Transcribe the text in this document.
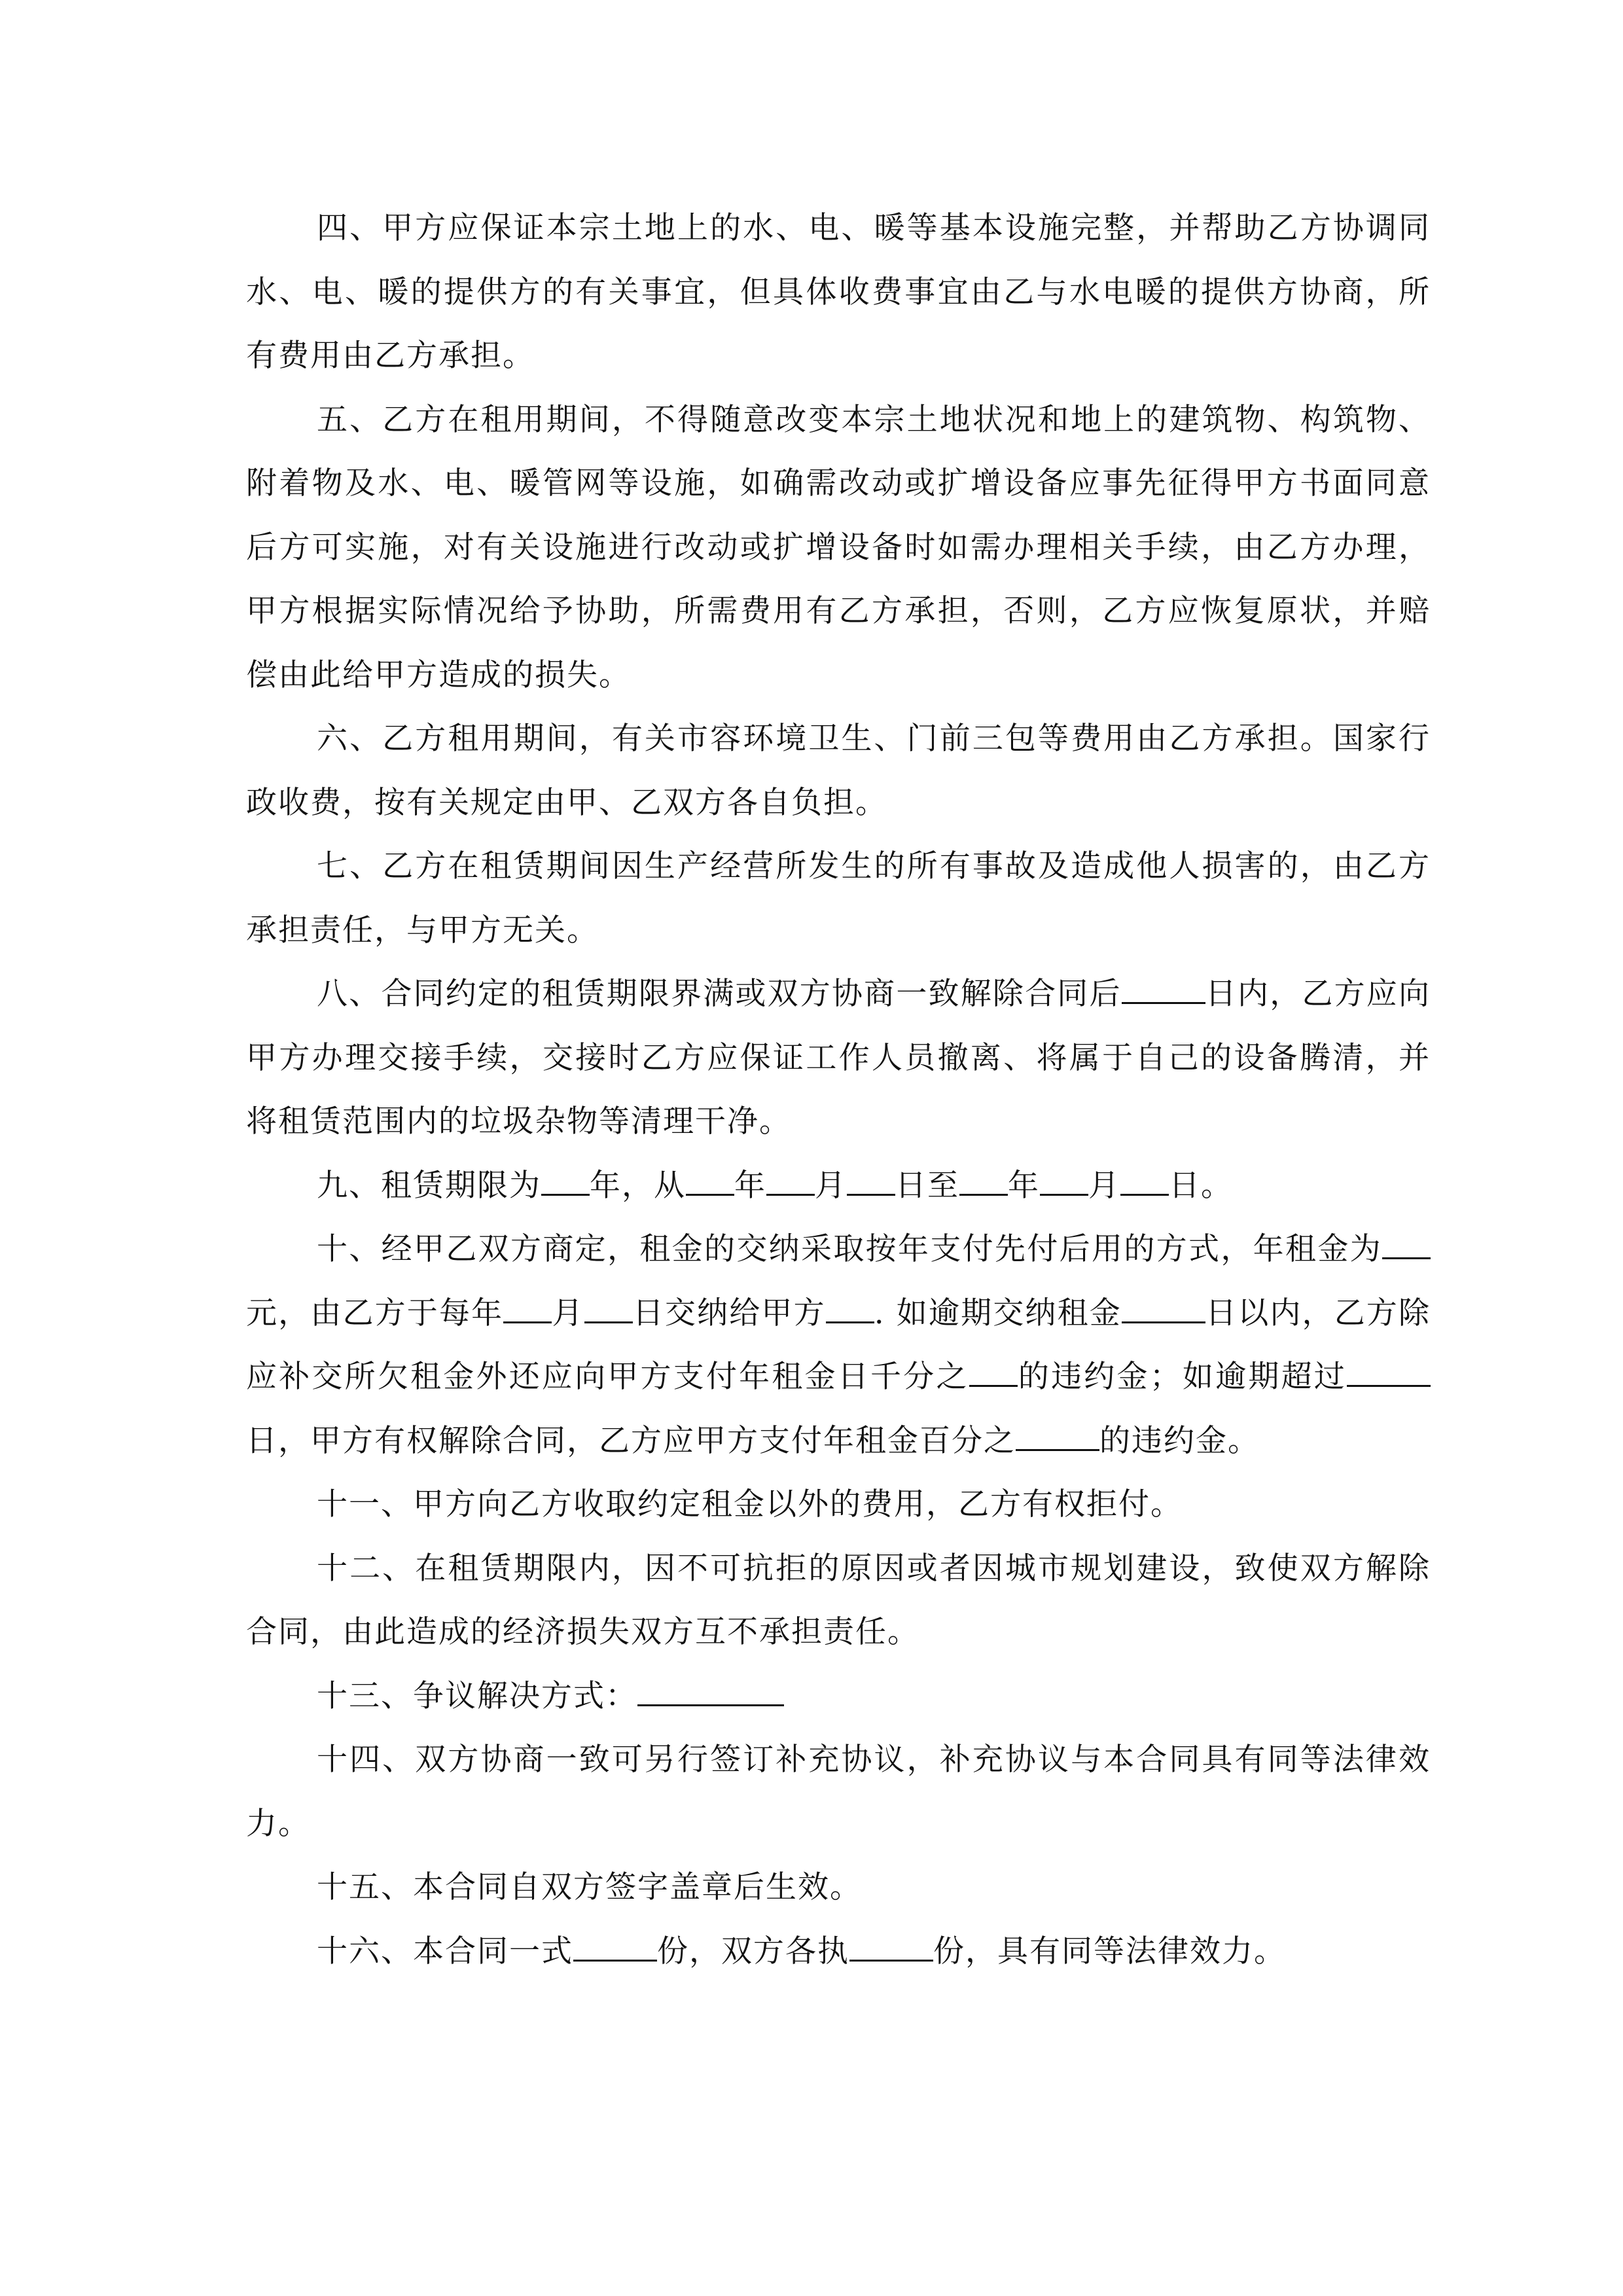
四、甲方应保证本宗土地上的水、电、暖等基本设施完整，并帮助乙方协调同水、电、暖的提供方的有关事宜，但具体收费事宜由乙与水电暖的提供方协商，所有费用由乙方承担。

五、乙方在租用期间，不得随意改变本宗土地状况和地上的建筑物、构筑物、附着物及水、电、暖管网等设施，如确需改动或扩增设备应事先征得甲方书面同意后方可实施，对有关设施进行改动或扩增设备时如需办理相关手续，由乙方办理，甲方根据实际情况给予协助，所需费用有乙方承担，否则，乙方应恢复原状，并赔偿由此给甲方造成的损失。

六、乙方租用期间，有关市容环境卫生、门前三包等费用由乙方承担。国家行政收费，按有关规定由甲、乙双方各自负担。

七、乙方在租赁期间因生产经营所发生的所有事故及造成他人损害的，由乙方承担责任，与甲方无关。

八、合同约定的租赁期限界满或双方协商一致解除合同后	日内，乙方应向甲方办理交接手续，交接时乙方应保证工作人员撤离、将属于自己的设备腾清，并将租赁范围内的垃圾杂物等清理干净。

九、租赁期限为 年，从 年 月 日至 年 月 日。

十、经甲乙双方商定，租金的交纳采取按年支付先付后用的方式，年租金为元，由乙方于每年 月 日交纳给甲方 . 如逾期交纳租金	日以内，乙方除应补交所欠租金外还应向甲方支付年租金日千分之 的违约金；如逾期超过日，甲方有权解除合同，乙方应甲方支付年租金百分之	的违约金。

十一、甲方向乙方收取约定租金以外的费用，乙方有权拒付。

十二、在租赁期限内，因不可抗拒的原因或者因城市规划建设，致使双方解除合同，由此造成的经济损失双方互不承担责任。

十三、争议解决方式：

十四、双方协商一致可另行签订补充协议，补充协议与本合同具有同等法律效力。

十五、本合同自双方签字盖章后生效。

十六、本合同一式	份，双方各执	份，具有同等法律效力。
